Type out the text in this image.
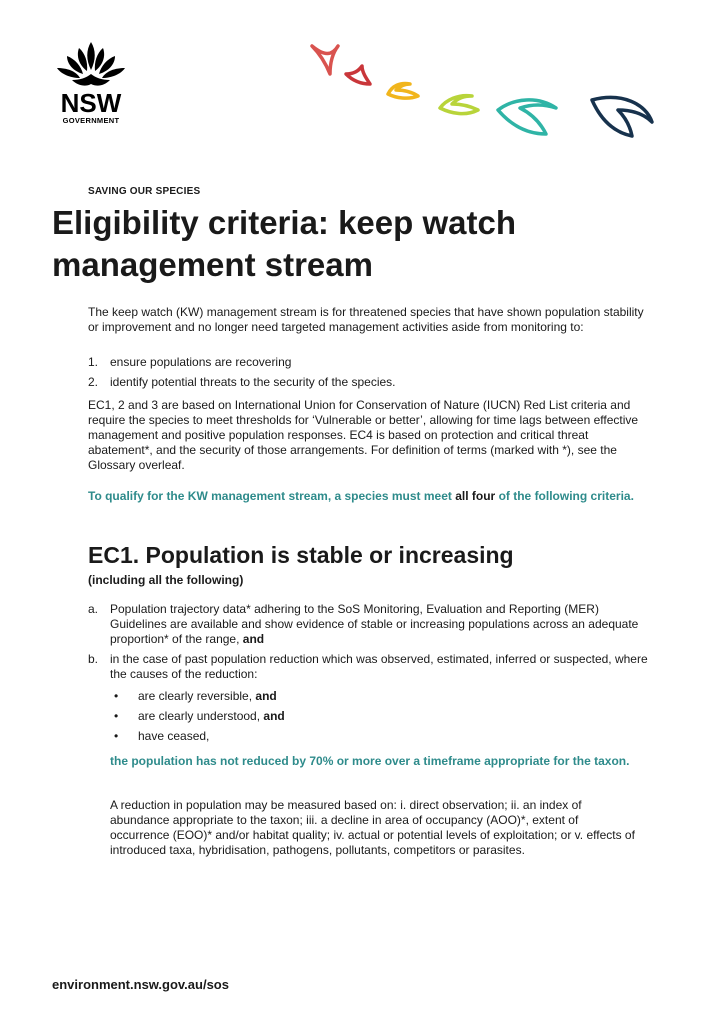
NSW
GOVERNMENT
SAVING OUR SPECIES
Eligibility criteria: keep watch management stream
The keep watch (KW) management stream is for threatened species that have shown population stability or improvement and no longer need targeted management activities aside from monitoring to:
1. ensure populations are recovering
2. identify potential threats to the security of the species.
EC1, 2 and 3 are based on International Union for Conservation of Nature (IUCN) Red List criteria and require the species to meet thresholds for ‘Vulnerable or better’, allowing for time lags between effective management and positive population responses. EC4 is based on protection and critical threat abatement*, and the security of those arrangements. For definition of terms (marked with *), see the Glossary overleaf.
To qualify for the KW management stream, a species must meet all four of the following criteria.
EC1. Population is stable or increasing
(including all the following)
a. Population trajectory data* adhering to the SoS Monitoring, Evaluation and Reporting (MER) Guidelines are available and show evidence of stable or increasing populations across an adequate proportion* of the range, and
b. in the case of past population reduction which was observed, estimated, inferred or suspected, where the causes of the reduction:
•	are clearly reversible, and
•	are clearly understood, and
•	have ceased,
the population has not reduced by 70% or more over a timeframe appropriate for the taxon.
A reduction in population may be measured based on: i. direct observation; ii. an index of abundance appropriate to the taxon; iii. a decline in area of occupancy (AOO)*, extent of occurrence (EOO)* and/or habitat quality; iv. actual or potential levels of exploitation; or v. effects of introduced taxa, hybridisation, pathogens, pollutants, competitors or parasites.
environment.nsw.gov.au/sos
